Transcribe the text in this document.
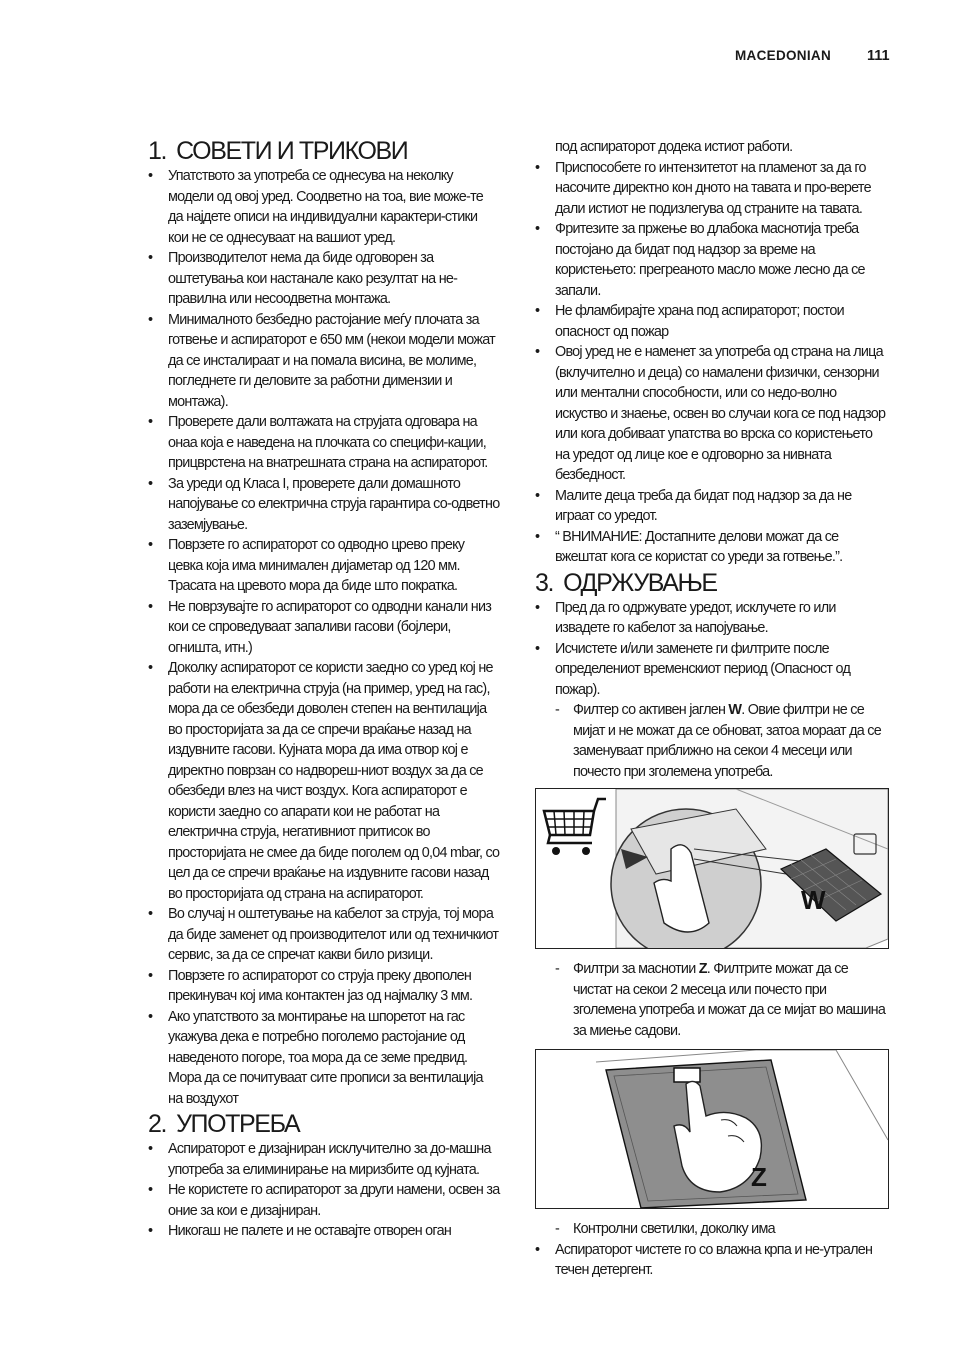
MACEDONIAN 111
1. СОВЕТИ И ТРИКОВИ
• Упатството за употреба се однесува на неколку модели од овој уред. Соодветно на тоа, вие може-те да најдете описи на индивидуални карактери-стики кои не се однесуваат на вашиот уред.
• Производителот нема да биде одговорен за оштетувања кои настанале како резултат на не-правилна или несоодветна монтажа.
• Минималното безбедно растојание меѓу плочата за готвење и аспираторот е 650 мм (некои модели можат да се инсталираат и на помала висина, ве молиме, погледнете ги деловите за работни димензии и монтажа).
• Проверете дали волтажата на струјата одговара на онаа која е наведена на плочката со специфи-кации, прицврстена на внатрешната страна на аспираторот.
• За уреди од Класа I, проверете дали домашното напојување со електрична струја гарантира со-одветно заземјување.
• Поврзете го аспираторот со одводно црево преку цевка која има минимален дијаметар од 120 мм. Трасата на цревото мора да биде што пократка.
• Не поврзувајте го аспираторот со одводни канали низ кои се спроведуваат запаливи гасови (бојлери, огништа, итн.)
• Доколку аспираторот се користи заедно со уред кој не работи на електрична струја (на пример, уред на гас), мора да се обезбеди доволен степен на вентилација во просторијата за да се спречи враќање назад на издувните гасови. Кујната мора да има отвор кој е директно поврзан со надвореш-ниот воздух за да се обезбеди влез на чист воздух. Кога аспираторот е користи заедно со апарати кои не работат на електрична струја, негативниот притисок во просторијата не смее да биде поголем од 0,04 mbar, со цел да се спречи враќање на издувните гасови назад во просторијата од страна на аспираторот.
• Во случај н оштетување на кабелот за струја, тој мора да биде заменет од производителот или од техничкиот сервис, за да се спречат какви било ризици.
• Поврзете го аспираторот со струја преку двополен прекинувач кој има контактен јаз од најмалку 3 мм.
• Ако упатството за монтирање на шпоретот на гас укажува дека е потребно поголемо растојание од наведеното погоре, тоа мора да се земе предвид. Мора да се почитуваат сите прописи за вентилација на воздухот
2. УПОТРЕБА
• Аспираторот е дизајниран исклучително за до-машна употреба за елиминирање на миризбите од кујната.
• Не користете го аспираторот за други намени, освен за оние за кои е дизајниран.
• Никогаш не палете и не оставајте отворен оган
под аспираторот додека истиот работи.
• Приспособете го интензитетот на пламенот за да го насочите директно кон дното на тавата и про-верете дали истиот не подизлегува од страните на тавата.
• Фритезите за пржење во длабока маснотија треба постојано да бидат под надзор за време на користењето: прегреаното масло може лесно да се запали.
• Не фламбирајте храна под аспираторот; постои опасност од пожар
• Овој уред не е наменет за употреба од страна на лица (вклучително и деца) со намалени физички, сензорни или ментални способности, или со недо-волно искуство и знаење, освен во случаи кога се под надзор или кога добиваат упатства во врска со користењето на уредот од лице кое е одговорно за нивната безбедност.
• Малите деца треба да бидат под надзор за да не играат со уредот.
• “ ВНИМАНИЕ: Достапните делови можат да се вжештат кога се користат со уреди за готвење.”.
3. ОДРЖУВАЊЕ
• Пред да го одржувате уредот, исклучете го или извадете го кабелот за напојување.
• Исчистете и/или заменете ги филтрите после определениот временскиот период (Опасност од пожар).
- Филтер со активен јаглен W. Овие филтри не се мијат и не можат да се обноват, затоа мораат да се заменуваат приближно на секои 4 месеци или почесто при зголемена употреба.
W
- Филтри за маснотии Z. Филтрите можат да се чистат на секои 2 месеца или почесто при зголемена употреба и можат да се мијат во машина за миење садови.
Z
- Контролни светилки, доколку има
• Аспираторот чистете го со влажна крпа и не-утрален течен детергент.
